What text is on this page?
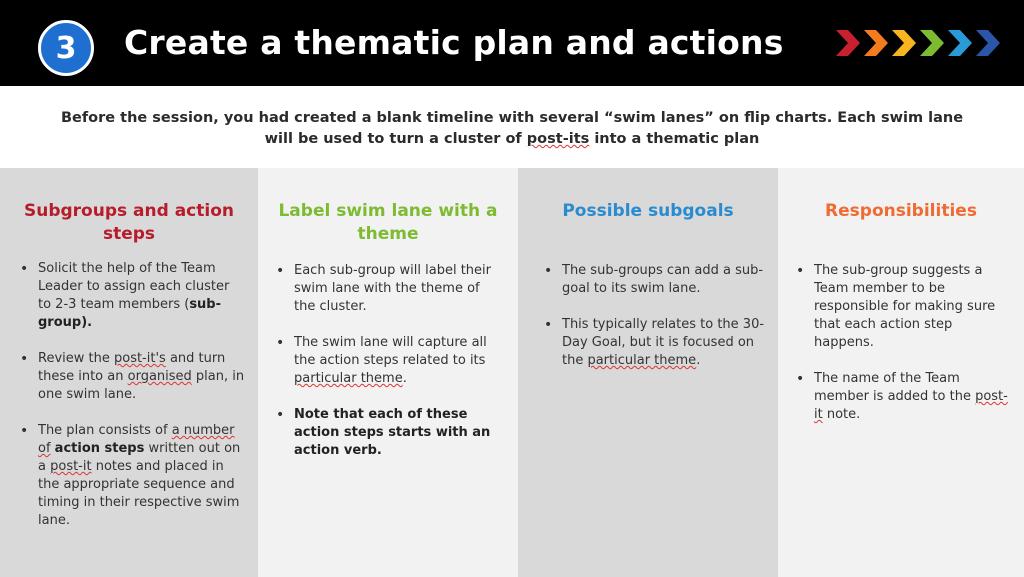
3 Create a thematic plan and actions
Before the session, you had created a blank timeline with several “swim lanes” on flip charts. Each swim lane
will be used to turn a cluster of post-its into a thematic plan
Subgroups and action steps
• Solicit the help of the Team Leader to assign each cluster to 2-3 team members (sub-group).
• Review the post-it's and turn these into an organised plan, in one swim lane.
• The plan consists of a number of action steps written out on a post-it notes and placed in the appropriate sequence and timing in their respective swim lane.
Label swim lane with a theme
• Each sub-group will label their swim lane with the theme of the cluster.
• The swim lane will capture all the action steps related to its particular theme.
• Note that each of these action steps starts with an action verb.
Possible subgoals
• The sub-groups can add a sub-goal to its swim lane.
• This typically relates to the 30-Day Goal, but it is focused on the particular theme.
Responsibilities
• The sub-group suggests a Team member to be responsible for making sure that each action step happens.
• The name of the Team member is added to the post-it note.
